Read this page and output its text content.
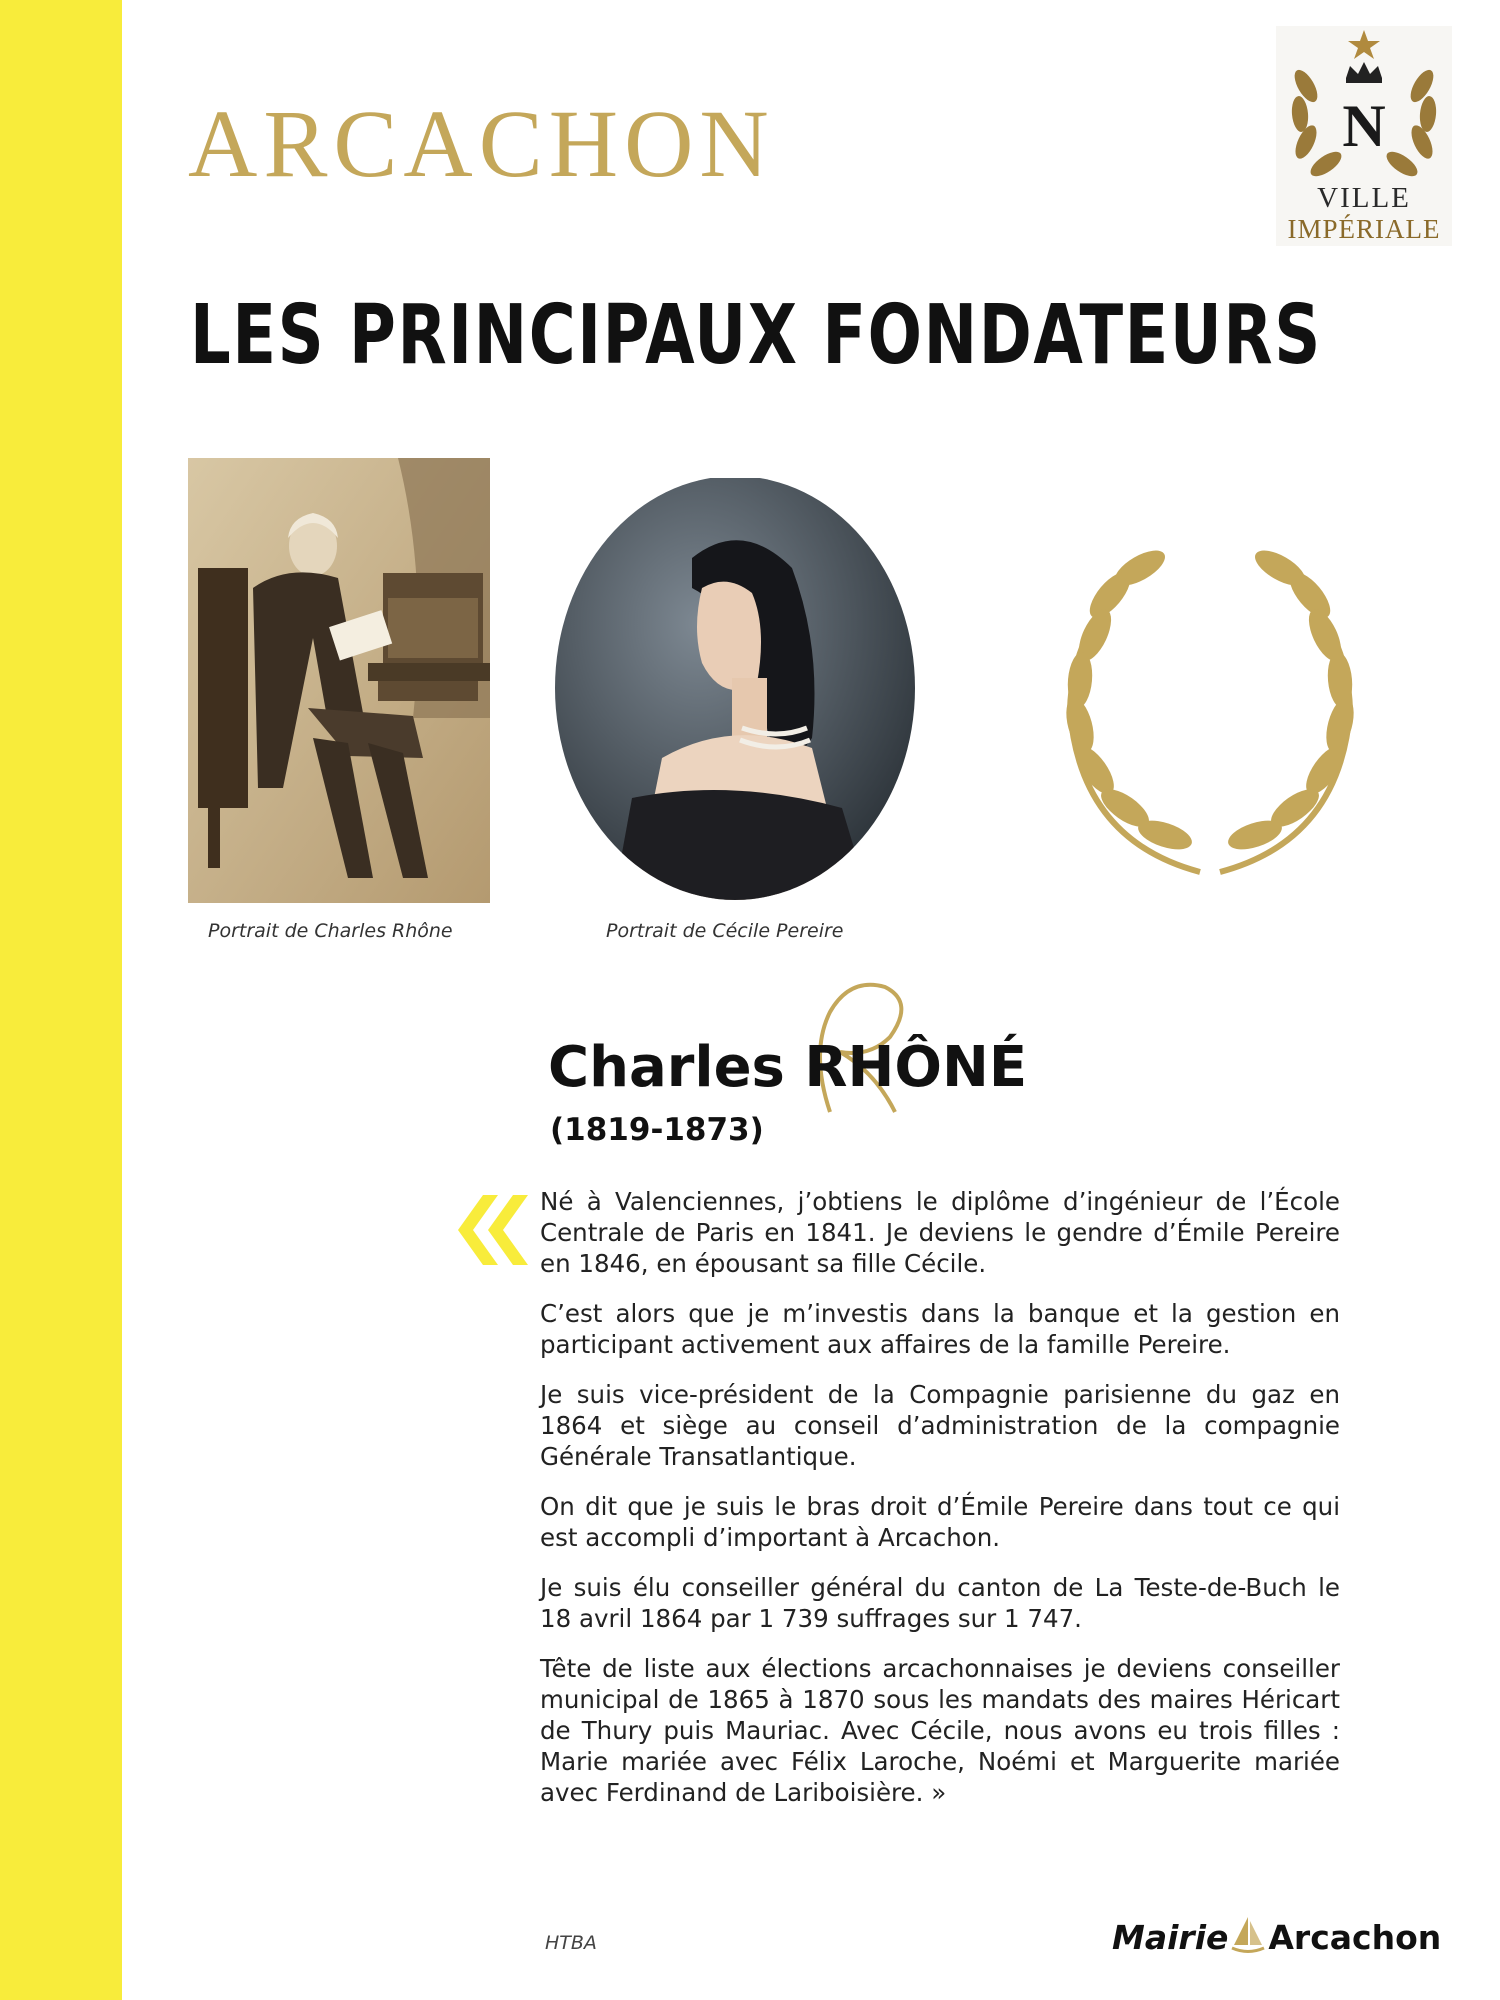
ARCACHON	N
VILLE
IMPÉRIALE
LES PRINCIPAUX FONDATEURS
Portrait de Charles Rhône	Portrait de Cécile Pereire
Charles RHÔNÉ
(1819-1873)

Né à Valenciennes, j’obtiens le diplôme d’ingénieur de l’École Centrale de Paris en 1841. Je deviens le gendre d’Émile Pereire en 1846, en épousant sa fille Cécile.

C’est alors que je m’investis dans la banque et la gestion en participant activement aux affaires de la famille Pereire.

Je suis vice-président de la Compagnie parisienne du gaz en 1864 et siège au conseil d’administration de la compagnie Générale Transatlantique.

On dit que je suis le bras droit d’Émile Pereire dans tout ce qui est accompli d’important à Arcachon.

Je suis élu conseiller général du canton de La Teste-de-Buch le 18 avril 1864 par 1 739 suffrages sur 1 747.

Tête de liste aux élections arcachonnaises je deviens conseiller municipal de 1865 à 1870 sous les mandats des maires Héricart de Thury puis Mauriac. Avec Cécile, nous avons eu trois filles : Marie mariée avec Félix Laroche, Noémi et Marguerite mariée avec Ferdinand de Lariboisière. »

HTBA	Mairie Arcachon
